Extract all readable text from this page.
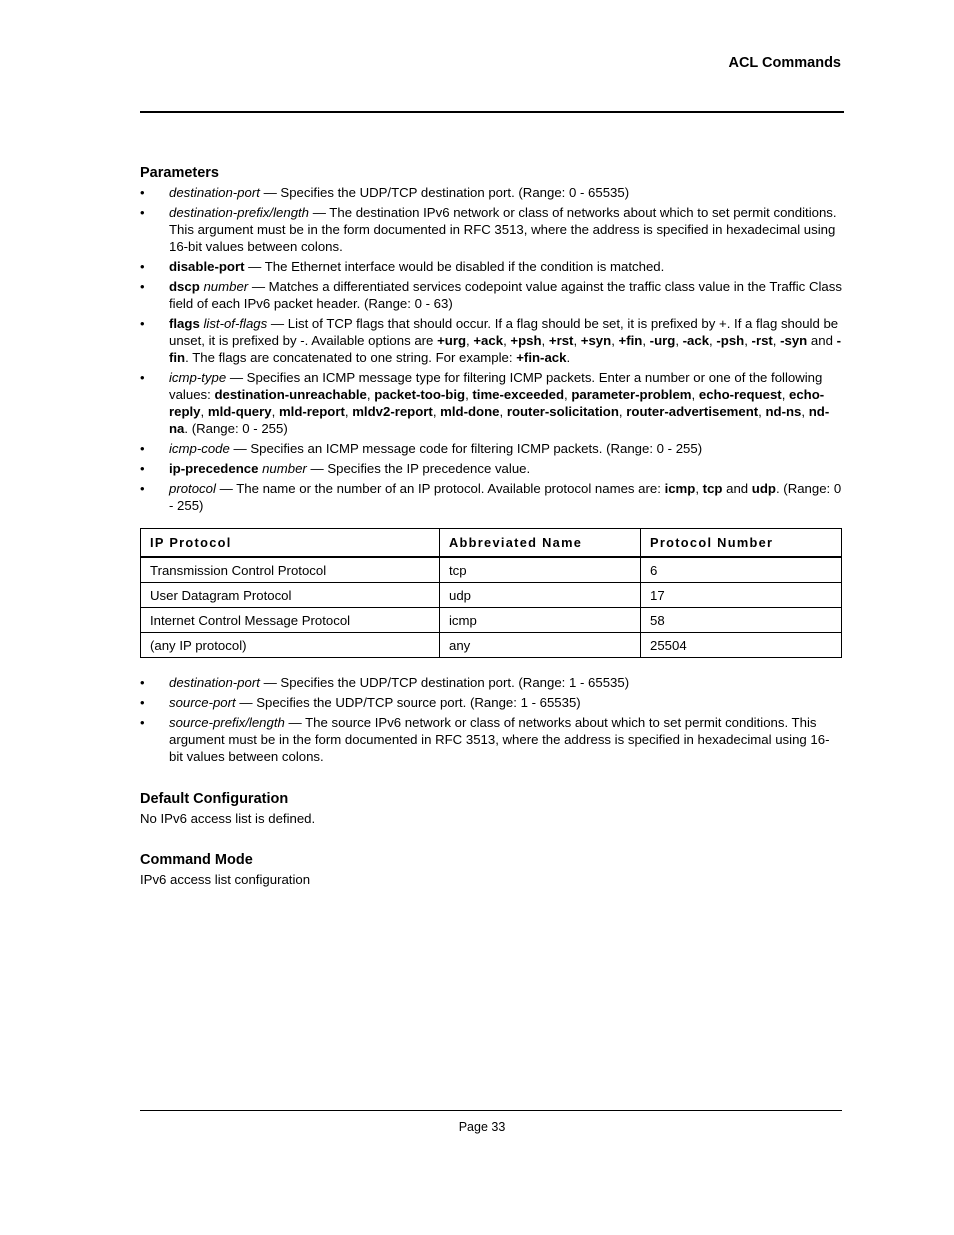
ACL Commands
Parameters
• destination-port — Specifies the UDP/TCP destination port. (Range: 0 - 65535)
• destination-prefix/length — The destination IPv6 network or class of networks about which to set permit conditions. This argument must be in the form documented in RFC 3513, where the address is specified in hexadecimal using 16-bit values between colons.
• disable-port — The Ethernet interface would be disabled if the condition is matched.
• dscp number — Matches a differentiated services codepoint value against the traffic class value in the Traffic Class field of each IPv6 packet header. (Range: 0 - 63)
• flags list-of-flags — List of TCP flags that should occur. If a flag should be set, it is prefixed by +. If a flag should be unset, it is prefixed by -. Available options are +urg, +ack, +psh, +rst, +syn, +fin, -urg, -ack, -psh, -rst, -syn and -fin. The flags are concatenated to one string. For example: +fin-ack.
• icmp-type — Specifies an ICMP message type for filtering ICMP packets. Enter a number or one of the following values: destination-unreachable, packet-too-big, time-exceeded, parameter-problem, echo-request, echo-reply, mld-query, mld-report, mldv2-report, mld-done, router-solicitation, router-advertisement, nd-ns, nd-na. (Range: 0 - 255)
• icmp-code — Specifies an ICMP message code for filtering ICMP packets. (Range: 0 - 255)
• ip-precedence number — Specifies the IP precedence value.
• protocol — The name or the number of an IP protocol. Available protocol names are: icmp, tcp and udp. (Range: 0 - 255)
IP Protocol	Abbreviated Name	Protocol Number
Transmission Control Protocol	tcp	6
User Datagram Protocol	udp	17
Internet Control Message Protocol	icmp	58
(any IP protocol)	any	25504
• destination-port — Specifies the UDP/TCP destination port. (Range: 1 - 65535)
• source-port — Specifies the UDP/TCP source port. (Range: 1 - 65535)
• source-prefix/length — The source IPv6 network or class of networks about which to set permit conditions. This argument must be in the form documented in RFC 3513, where the address is specified in hexadecimal using 16-bit values between colons.
Default Configuration

No IPv6 access list is defined.

Command Mode

IPv6 access list configuration

Page 33
